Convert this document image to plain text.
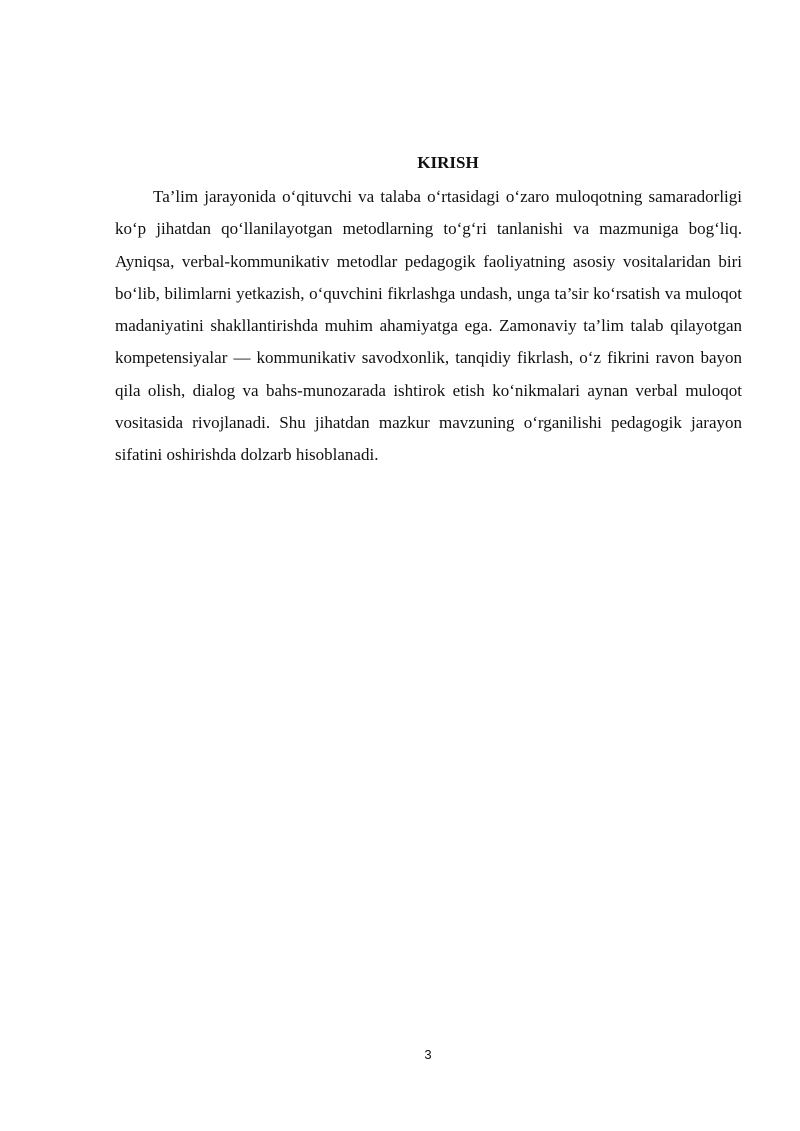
KIRISH

Ta’lim jarayonida o‘qituvchi va talaba o‘rtasidagi o‘zaro muloqotning samaradorligi ko‘p jihatdan qo‘llanilayotgan metodlarning to‘g‘ri tanlanishi va mazmuniga bog‘liq. Ayniqsa, verbal-kommunikativ metodlar pedagogik faoliyatning asosiy vositalaridan biri bo‘lib, bilimlarni yetkazish, o‘quvchini fikrlashga undash, unga ta’sir ko‘rsatish va muloqot madaniyatini shakllantirishda muhim ahamiyatga ega. Zamonaviy ta’lim talab qilayotgan kompetensiyalar — kommunikativ savodxonlik, tanqidiy fikrlash, o‘z fikrini ravon bayon qila olish, dialog va bahs-munozarada ishtirok etish ko‘nikmalari aynan verbal muloqot vositasida rivojlanadi. Shu jihatdan mazkur mavzuning o‘rganilishi pedagogik jarayon sifatini oshirishda dolzarb hisoblanadi.

3
